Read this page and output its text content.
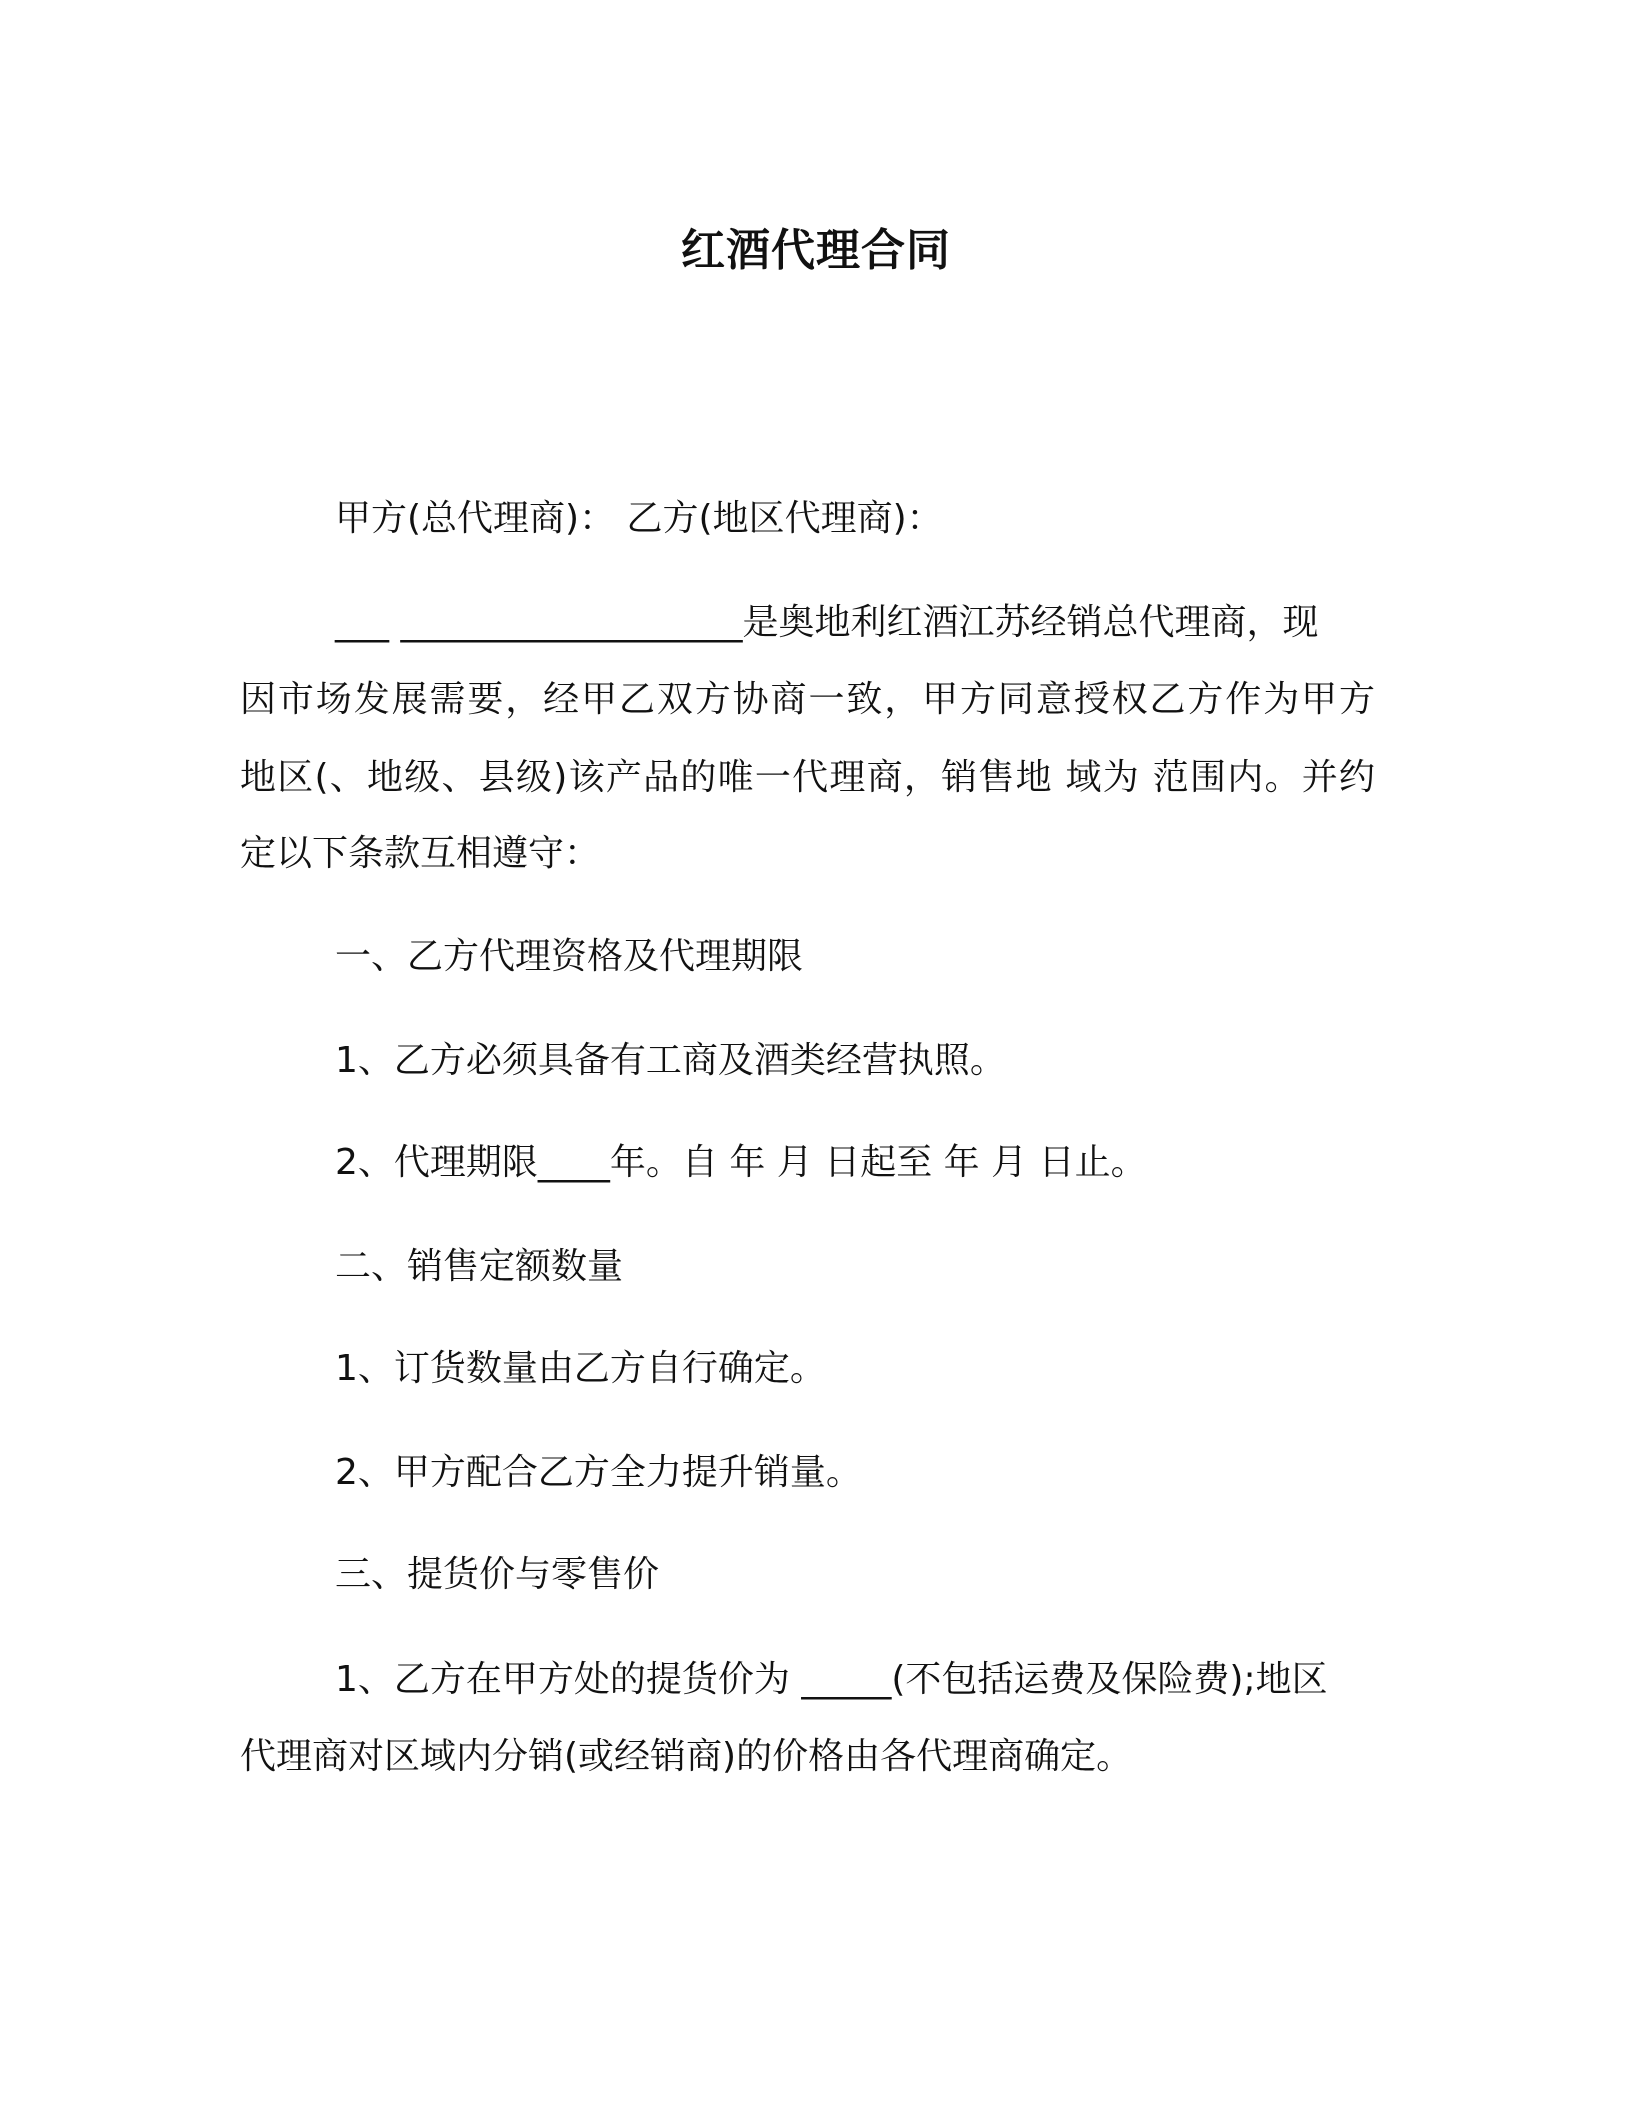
红酒代理合同
甲方(总代理商)： 乙方(地区代理商)：
___ ___________________是奥地利红酒江苏经销总代理商，现
因市场发展需要，经甲乙双方协商一致，甲方同意授权乙方作为甲方
地区(、地级、县级)该产品的唯一代理商，销售地 域为 范围内。并约
定以下条款互相遵守：
一、乙方代理资格及代理期限
1、乙方必须具备有工商及酒类经营执照。
2、代理期限____年。自 年 月 日起至 年 月 日止。
二、销售定额数量
1、订货数量由乙方自行确定。
2、甲方配合乙方全力提升销量。
三、提货价与零售价
1、乙方在甲方处的提货价为 _____(不包括运费及保险费);地区
代理商对区域内分销(或经销商)的价格由各代理商确定。
